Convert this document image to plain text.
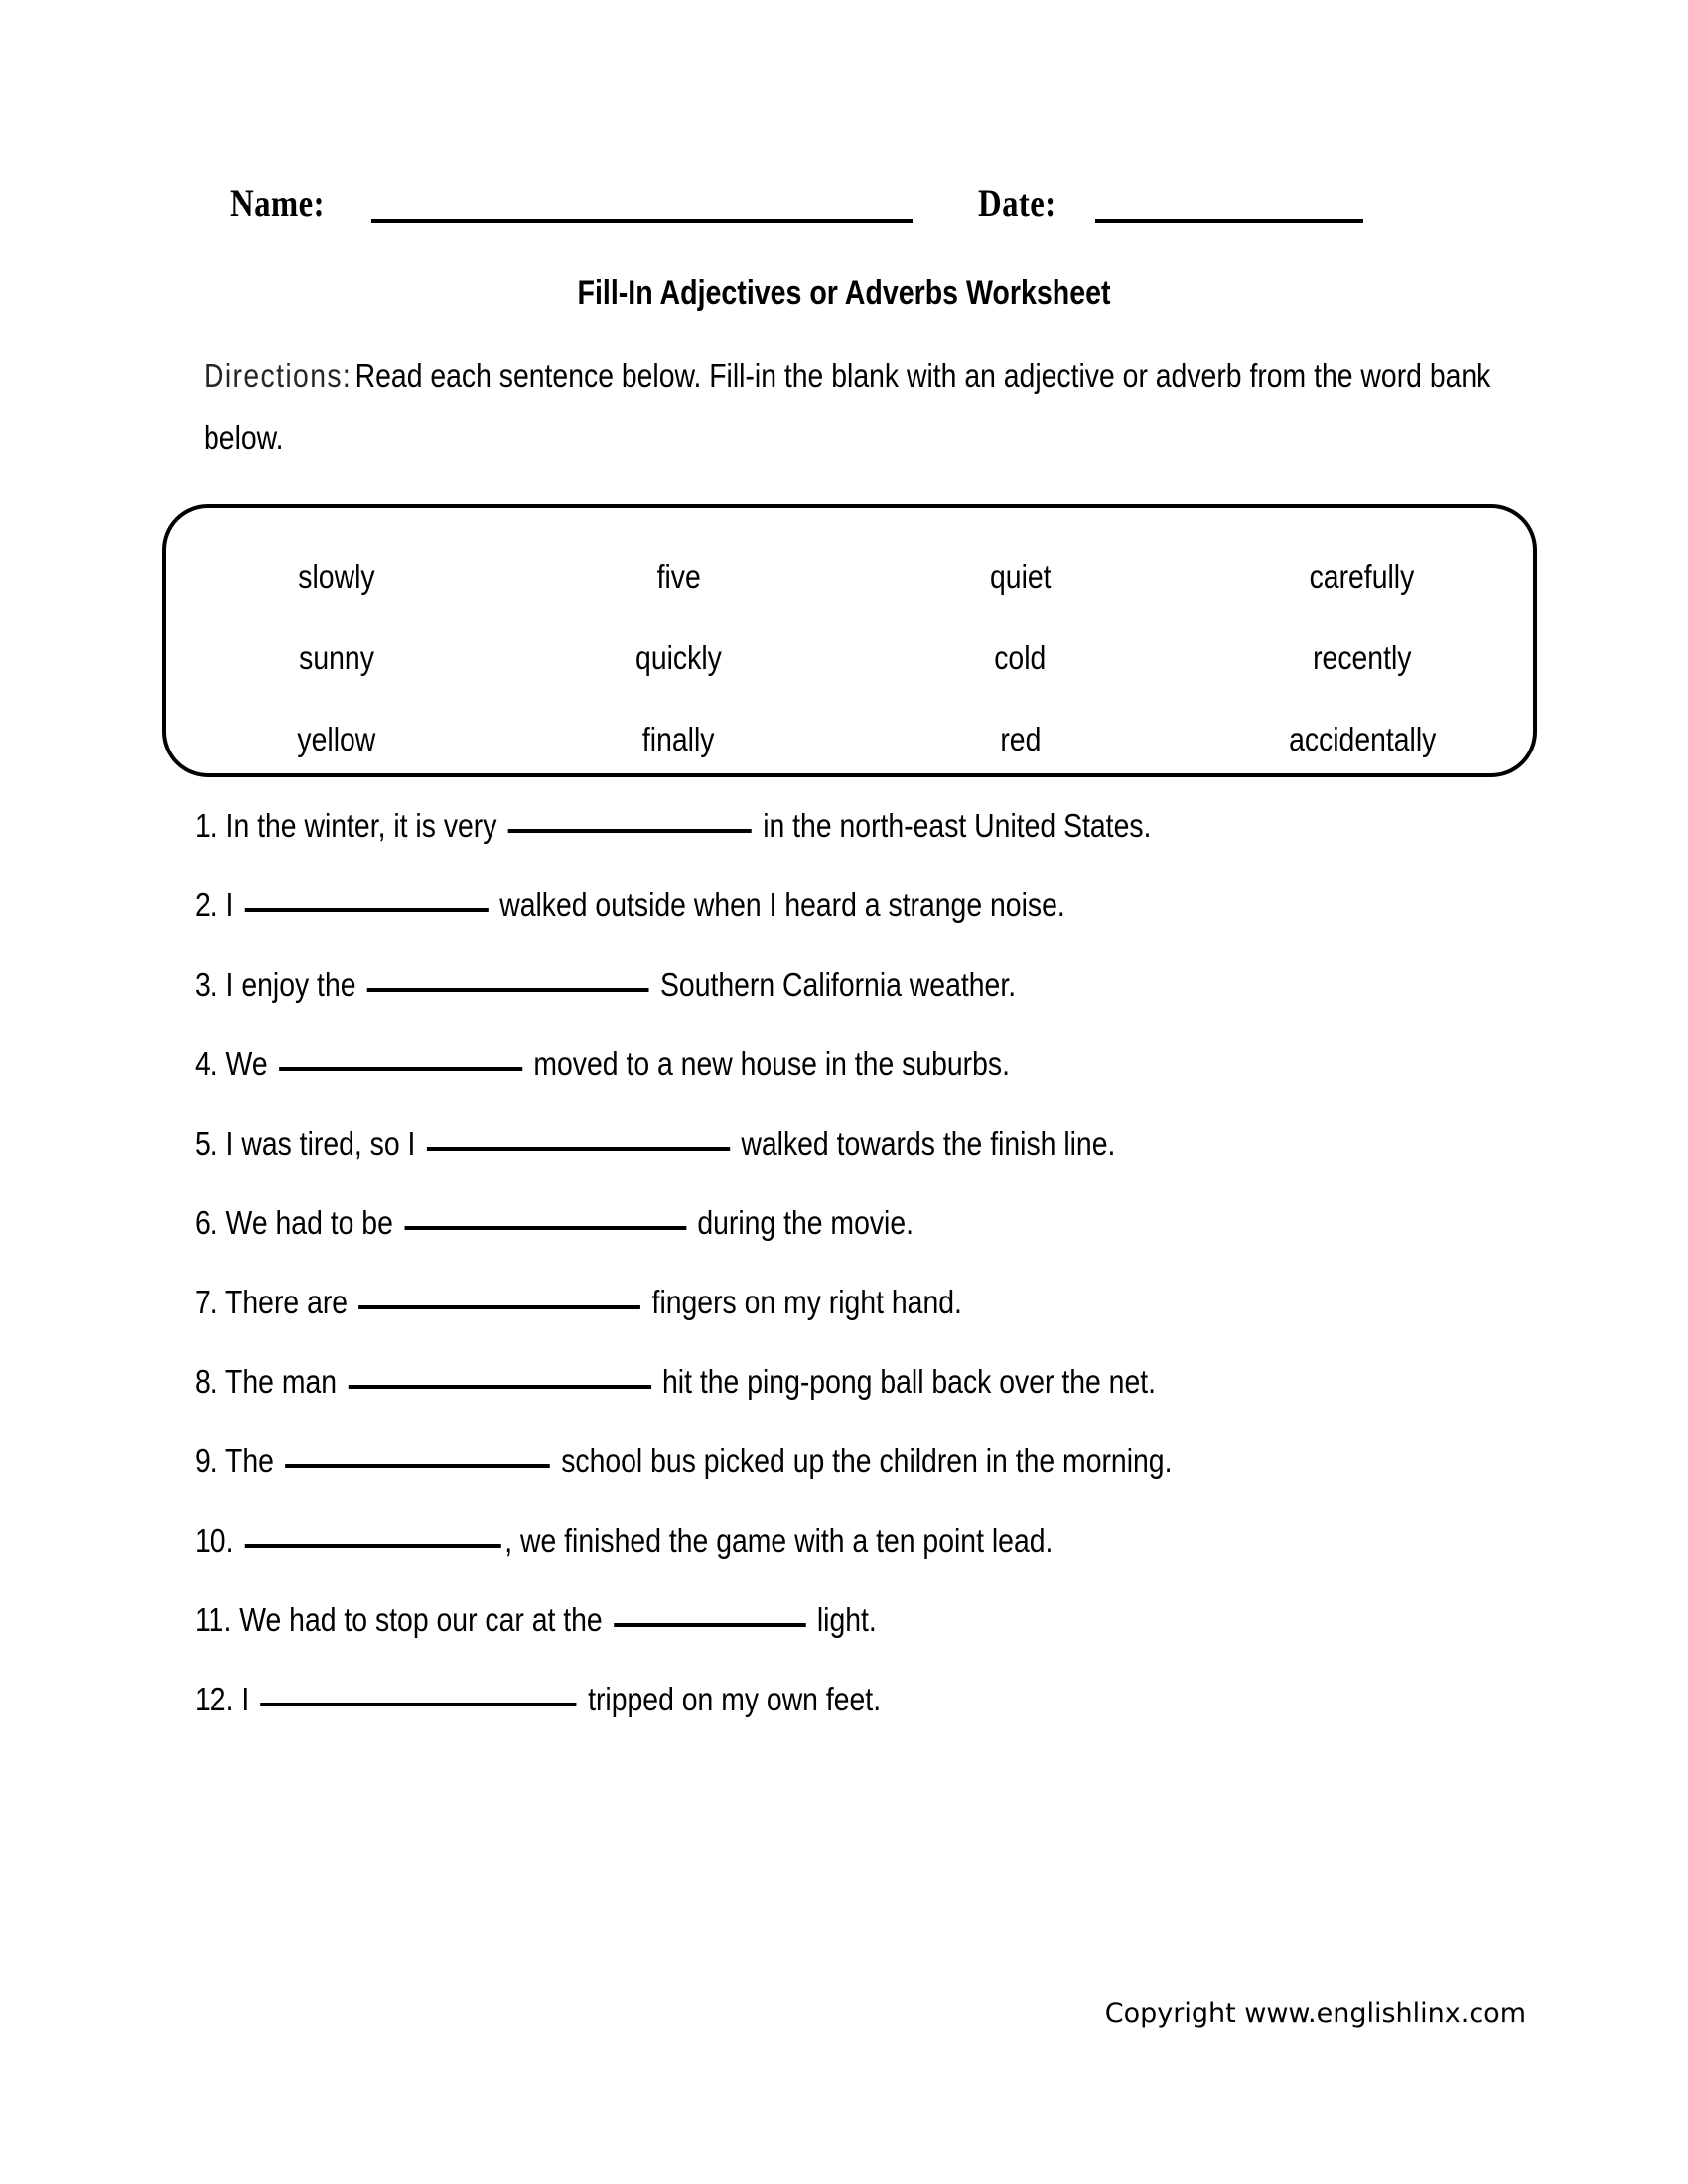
Name:	Date:
Fill-In Adjectives or Adverbs Worksheet
Directions: Read each sentence below. Fill-in the blank with an adjective or adverb from the word bank below.
slowly	five	quiet	carefully
sunny	quickly	cold	recently
yellow	finally	red	accidentally
1. In the winter, it is very	in the north-east United States.
2. I	walked outside when I heard a strange noise.
3. I enjoy the	Southern California weather.
4. We	moved to a new house in the suburbs.
5. I was tired, so I	walked towards the finish line.
6. We had to be	during the movie.
7. There are	fingers on my right hand.
8. The man	hit the ping-pong ball back over the net.
9. The	school bus picked up the children in the morning.
10.	, we finished the game with a ten point lead.
11. We had to stop our car at the	light.
12. I	tripped on my own feet.
Copyright www.englishlinx.com
